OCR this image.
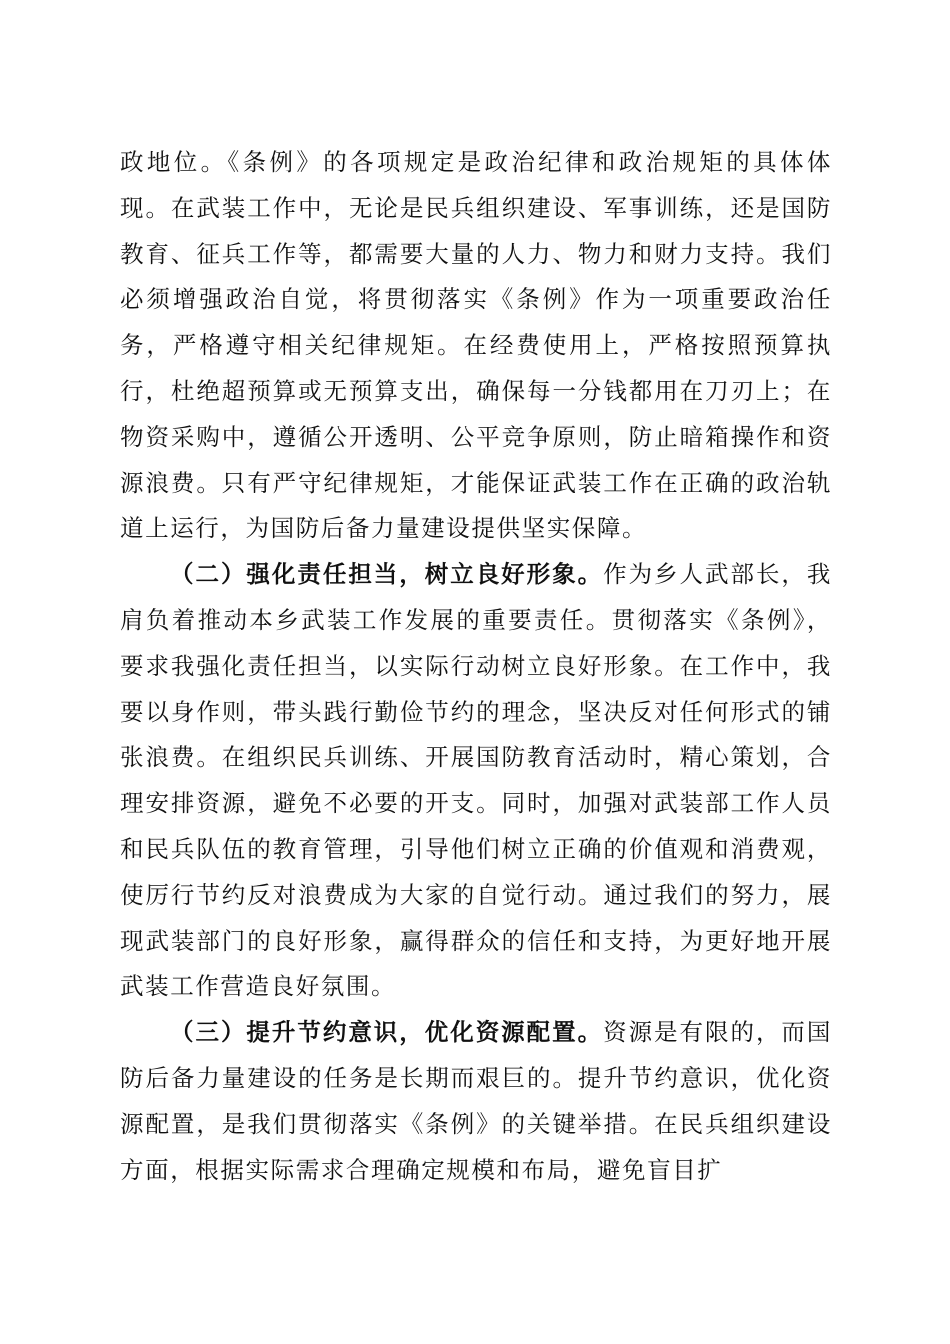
政地位。《条例》的各项规定是政治纪律和政治规矩的具体体现。在武装工作中，无论是民兵组织建设、军事训练，还是国防教育、征兵工作等，都需要大量的人力、物力和财力支持。我们必须增强政治自觉，将贯彻落实《条例》作为一项重要政治任务，严格遵守相关纪律规矩。在经费使用上，严格按照预算执行，杜绝超预算或无预算支出，确保每一分钱都用在刀刃上；在物资采购中，遵循公开透明、公平竞争原则，防止暗箱操作和资源浪费。只有严守纪律规矩，才能保证武装工作在正确的政治轨道上运行，为国防后备力量建设提供坚实保障。

（二）强化责任担当，树立良好形象。作为乡人武部长，我肩负着推动本乡武装工作发展的重要责任。贯彻落实《条例》，要求我强化责任担当，以实际行动树立良好形象。在工作中，我要以身作则，带头践行勤俭节约的理念，坚决反对任何形式的铺张浪费。在组织民兵训练、开展国防教育活动时，精心策划，合理安排资源，避免不必要的开支。同时，加强对武装部工作人员和民兵队伍的教育管理，引导他们树立正确的价值观和消费观，使厉行节约反对浪费成为大家的自觉行动。通过我们的努力，展现武装部门的良好形象，赢得群众的信任和支持，为更好地开展武装工作营造良好氛围。

（三）提升节约意识，优化资源配置。资源是有限的，而国防后备力量建设的任务是长期而艰巨的。提升节约意识，优化资源配置，是我们贯彻落实《条例》的关键举措。在民兵组织建设方面，根据实际需求合理确定规模和布局，避免盲目扩
